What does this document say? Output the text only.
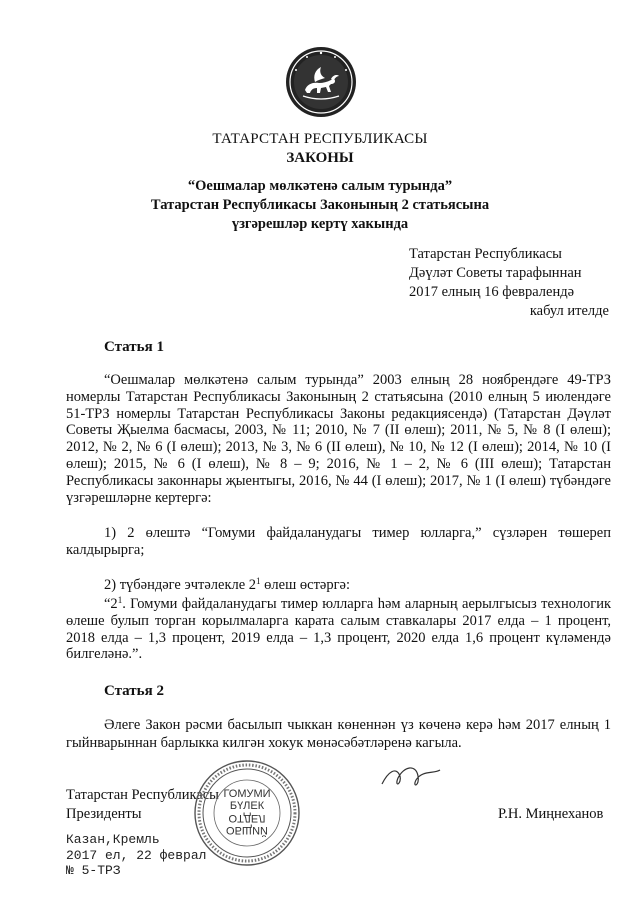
ТАТАРСТАН РЕСПУБЛИКАСЫ
ЗАКОНЫ
“Оешмалар мөлкәтенә салым турында”
Татарстан Республикасы Законының 2 статьясына
үзгәрешләр кертү хакында
Татарстан Республикасы
Дәүләт Советы тарафыннан
2017 елның 16 февралендә
кабул ителде
Статья 1
“Оешмалар мөлкәтенә салым турында” 2003 елның 28 ноябрендәге 49-ТРЗ номерлы Татарстан Республикасы Законының 2 статьясына (2010 елның 5 июлендәге 51-ТРЗ номерлы Татарстан Республикасы Законы редакциясендә) (Татарстан Дәүләт Советы Җыелма басмасы, 2003, № 11; 2010, № 7 (II өлеш); 2011, № 5, № 8 (I өлеш); 2012, № 2, № 6 (I өлеш); 2013, № 3, № 6 (II өлеш), № 10, № 12 (I өлеш); 2014, № 10 (I өлеш); 2015, № 6 (I өлеш), № 8 – 9; 2016, № 1 – 2, № 6 (III өлеш); Татарстан Республикасы законнары җыентыгы, 2016, № 44 (I өлеш); 2017, № 1 (I өлеш) түбәндәге үзгәрешләрне кертергә:
1) 2 өлештә “Гомуми файдаланудагы тимер юлларга,” сүзләрен төшереп калдырырга;
2) түбәндәге эчтәлекле $2^1$ өлеш өстәргә:
“$2^1$. Гомуми файдаланудагы тимер юлларга һәм аларның аерылгысыз технологик өлеше булып торган корылмаларга карата салым ставкалары 2017 елда – 1 процент, 2018 елда – 1,3 процент, 2019 елда – 1,3 процент, 2020 елда 1,6 процент күләмендә билгеләнә.”.
Статья 2
Әлеге Закон рәсми басылып чыккан көненнән үз көченә керә һәм 2017 елның 1 гыйнварыннан барлыкка килгән хокук мөнәсәбәтләренә кагыла.
Татарстан Республикасы
Президенты	Р.Н. Миңнеханов
ГОМУМИ
БҮЛЕК
ОТДЕЛ
ОБЩИЙ
Казан,Кремль
2017 ел, 22 феврал
№ 5-ТРЗ
